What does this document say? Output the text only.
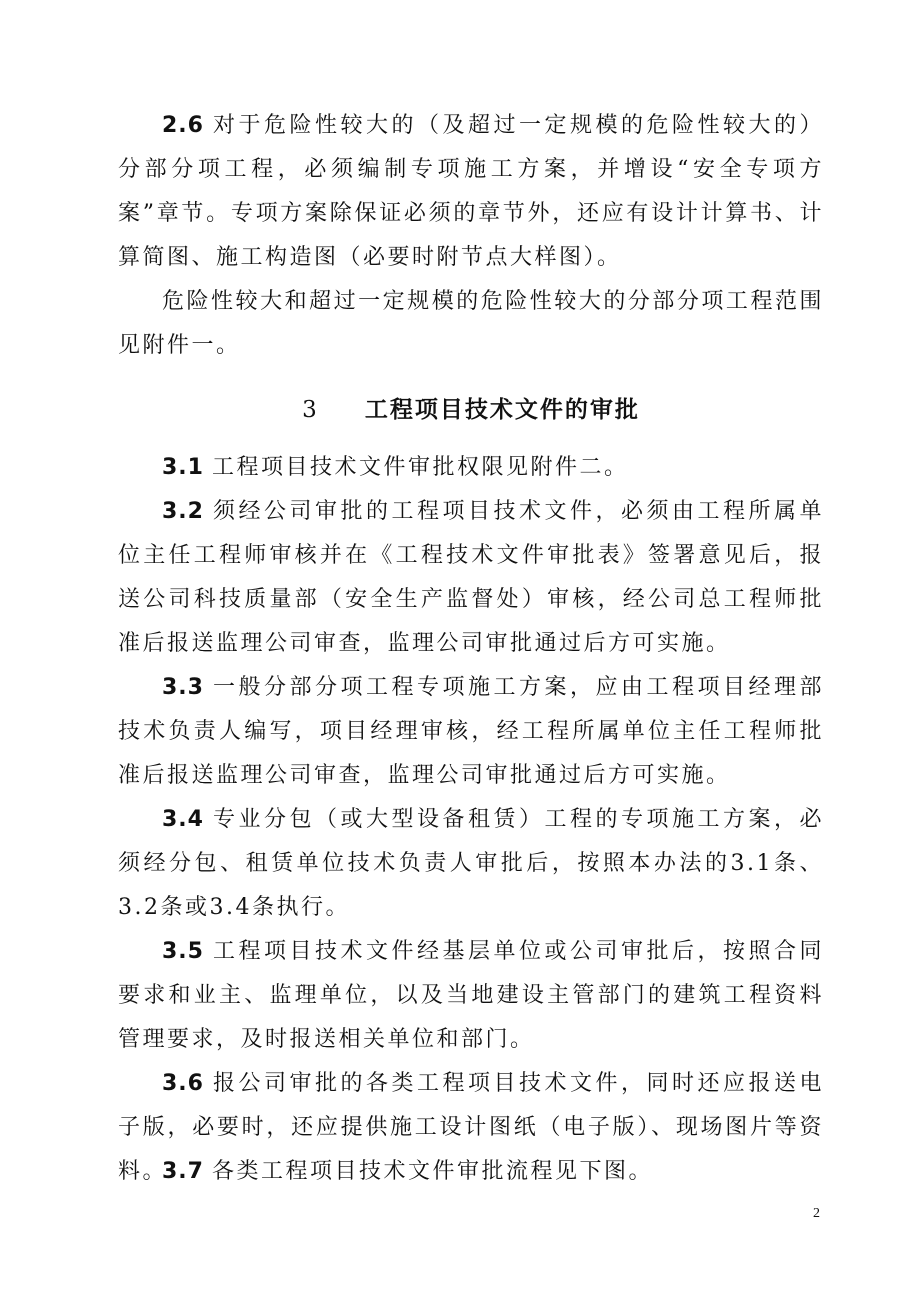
2.6 对于危险性较大的（及超过一定规模的危险性较大的）分部分项工程，必须编制专项施工方案，并增设“安全专项方案”章节。专项方案除保证必须的章节外，还应有设计计算书、计算简图、施工构造图（必要时附节点大样图）。

危险性较大和超过一定规模的危险性较大的分部分项工程范围见附件一。

3 工程项目技术文件的审批

3.1 工程项目技术文件审批权限见附件二。

3.2 须经公司审批的工程项目技术文件，必须由工程所属单位主任工程师审核并在《工程技术文件审批表》签署意见后，报送公司科技质量部（安全生产监督处）审核，经公司总工程师批准后报送监理公司审查，监理公司审批通过后方可实施。

3.3 一般分部分项工程专项施工方案，应由工程项目经理部技术负责人编写，项目经理审核，经工程所属单位主任工程师批准后报送监理公司审查，监理公司审批通过后方可实施。

3.4 专业分包（或大型设备租赁）工程的专项施工方案，必须经分包、租赁单位技术负责人审批后，按照本办法的3.1条、3.2条或3.4条执行。

3.5 工程项目技术文件经基层单位或公司审批后，按照合同要求和业主、监理单位，以及当地建设主管部门的建筑工程资料管理要求，及时报送相关单位和部门。

3.6 报公司审批的各类工程项目技术文件，同时还应报送电子版，必要时，还应提供施工设计图纸（电子版）、现场图片等资料。

3.7 各类工程项目技术文件审批流程见下图。

2
